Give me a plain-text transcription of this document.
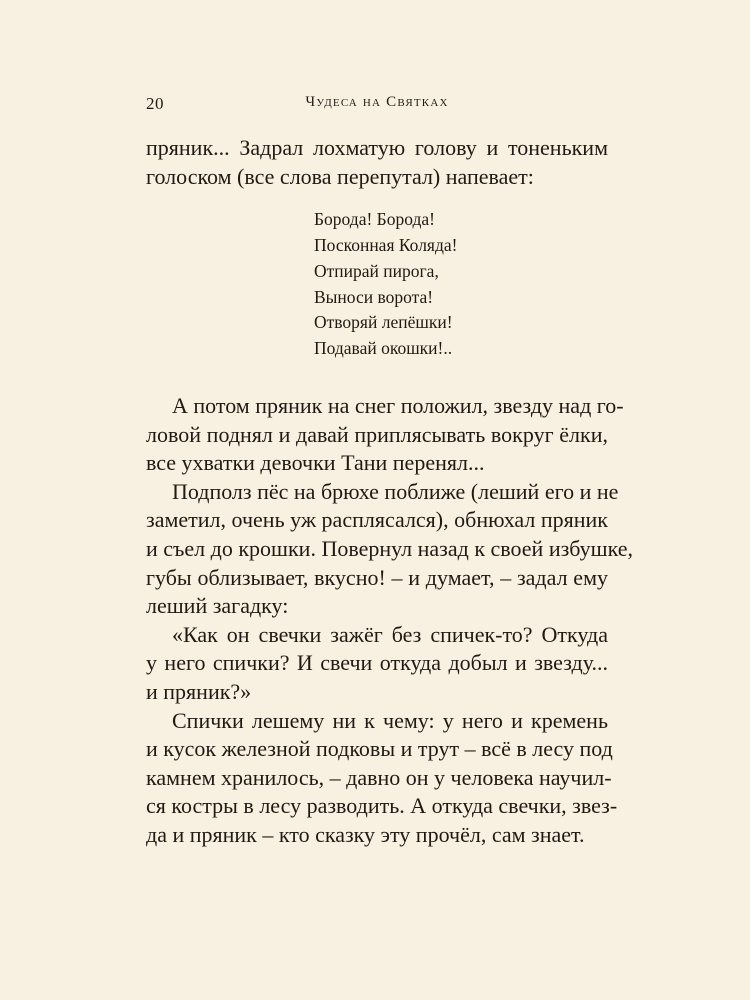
20	Чудеса на Святках
пряник... Задрал лохматую голову и тоненьким
голоском (все слова перепутал) напевает:
Борода! Борода!
Посконная Коляда!
Отпирай пирога,
Выноси ворота!
Отворяй лепёшки!
Подавай окошки!..
А потом пряник на снег положил, звезду над го-
ловой поднял и давай приплясывать вокруг ёлки,
все ухватки девочки Тани перенял...
Подполз пёс на брюхе поближе (леший его и не
заметил, очень уж расплясался), обнюхал пряник
и съел до крошки. Повернул назад к своей избушке,
губы облизывает, вкусно! – и думает, – задал ему
леший загадку:
«Как он свечки зажёг без спичек-то? Откуда
у него спички? И свечи откуда добыл и звезду...
и пряник?»
Спички лешему ни к чему: у него и кремень
и кусок железной подковы и трут – всё в лесу под
камнем хранилось, – давно он у человека научил-
ся костры в лесу разводить. А откуда свечки, звез-
да и пряник – кто сказку эту прочёл, сам знает.
